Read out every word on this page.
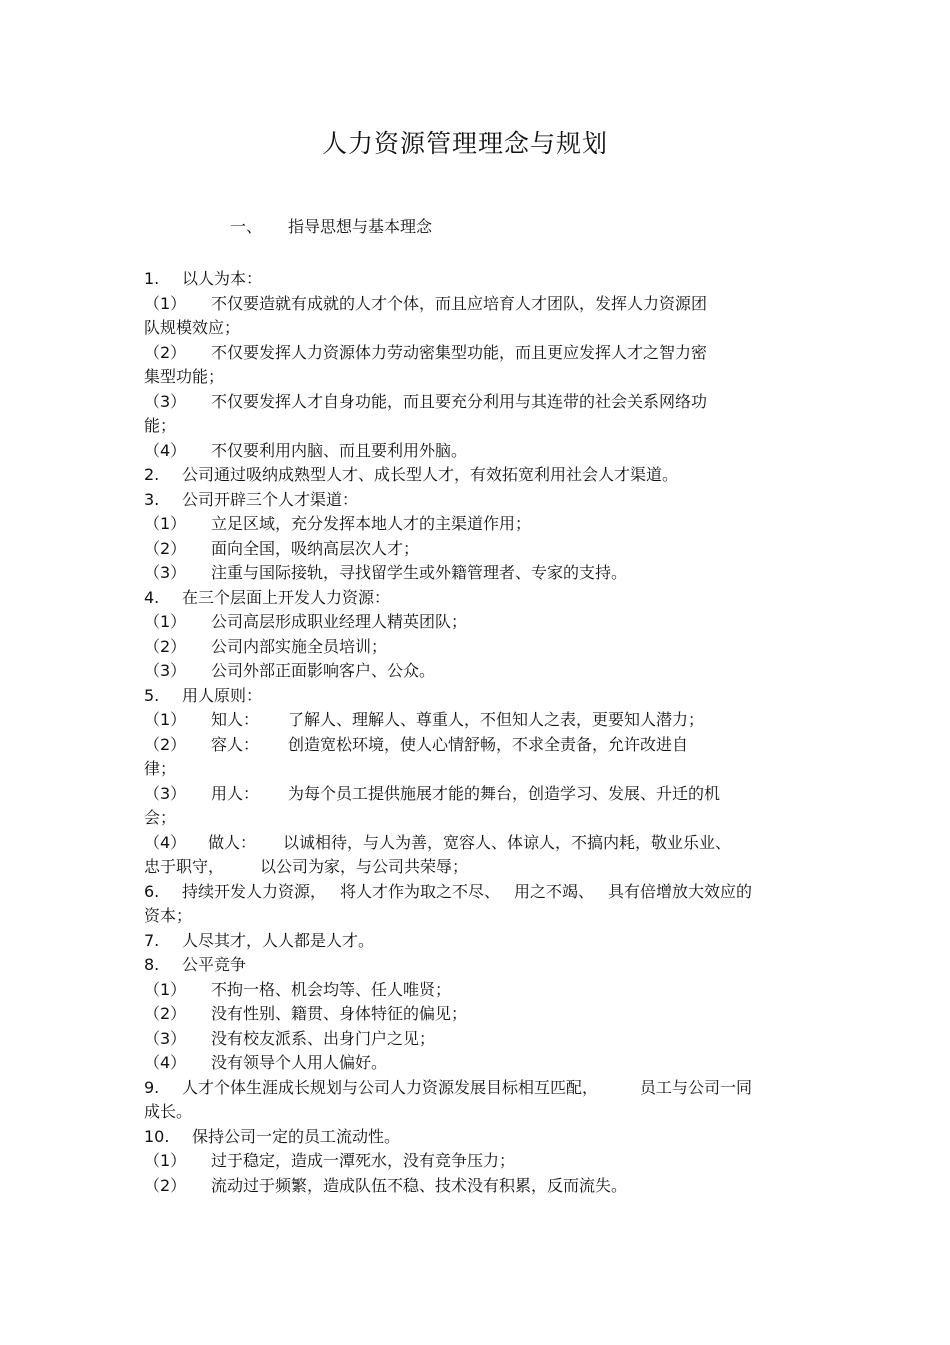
人力资源管理理念与规划
一、 指导思想与基本理念
1. 以人为本：
（1） 不仅要造就有成就的人才个体，而且应培育人才团队，发挥人力资源团
队规模效应；
（2） 不仅要发挥人力资源体力劳动密集型功能，而且更应发挥人才之智力密
集型功能；
（3） 不仅要发挥人才自身功能，而且要充分利用与其连带的社会关系网络功
能；
（4） 不仅要利用内脑、而且要利用外脑。
2. 公司通过吸纳成熟型人才、成长型人才，有效拓宽利用社会人才渠道。
3. 公司开辟三个人才渠道：
（1） 立足区域，充分发挥本地人才的主渠道作用；
（2） 面向全国，吸纳高层次人才；
（3） 注重与国际接轨，寻找留学生或外籍管理者、专家的支持。
4. 在三个层面上开发人力资源：
（1） 公司高层形成职业经理人精英团队；
（2） 公司内部实施全员培训；
（3） 公司外部正面影响客户、公众。
5. 用人原则：
（1） 知人： 了解人、理解人、尊重人，不但知人之表，更要知人潜力；
（2） 容人： 创造宽松环境，使人心情舒畅，不求全责备，允许改进自
律；
（3） 用人： 为每个员工提供施展才能的舞台，创造学习、发展、升迁的机
会；
（4） 做人： 以诚相待，与人为善，宽容人、体谅人，不搞内耗，敬业乐业、
忠于职守， 以公司为家，与公司共荣辱；
6. 持续开发人力资源， 将人才作为取之不尽、 用之不竭、 具有倍增放大效应的
资本；
7. 人尽其才，人人都是人才。
8. 公平竞争
（1） 不拘一格、机会均等、任人唯贤；
（2） 没有性别、籍贯、身体特征的偏见；
（3） 没有校友派系、出身门户之见；
（4） 没有领导个人用人偏好。
9. 人才个体生涯成长规划与公司人力资源发展目标相互匹配，	员工与公司一同
成长。
10. 保持公司一定的员工流动性。
（1） 过于稳定，造成一潭死水，没有竞争压力；
（2） 流动过于频繁，造成队伍不稳、技术没有积累，反而流失。
